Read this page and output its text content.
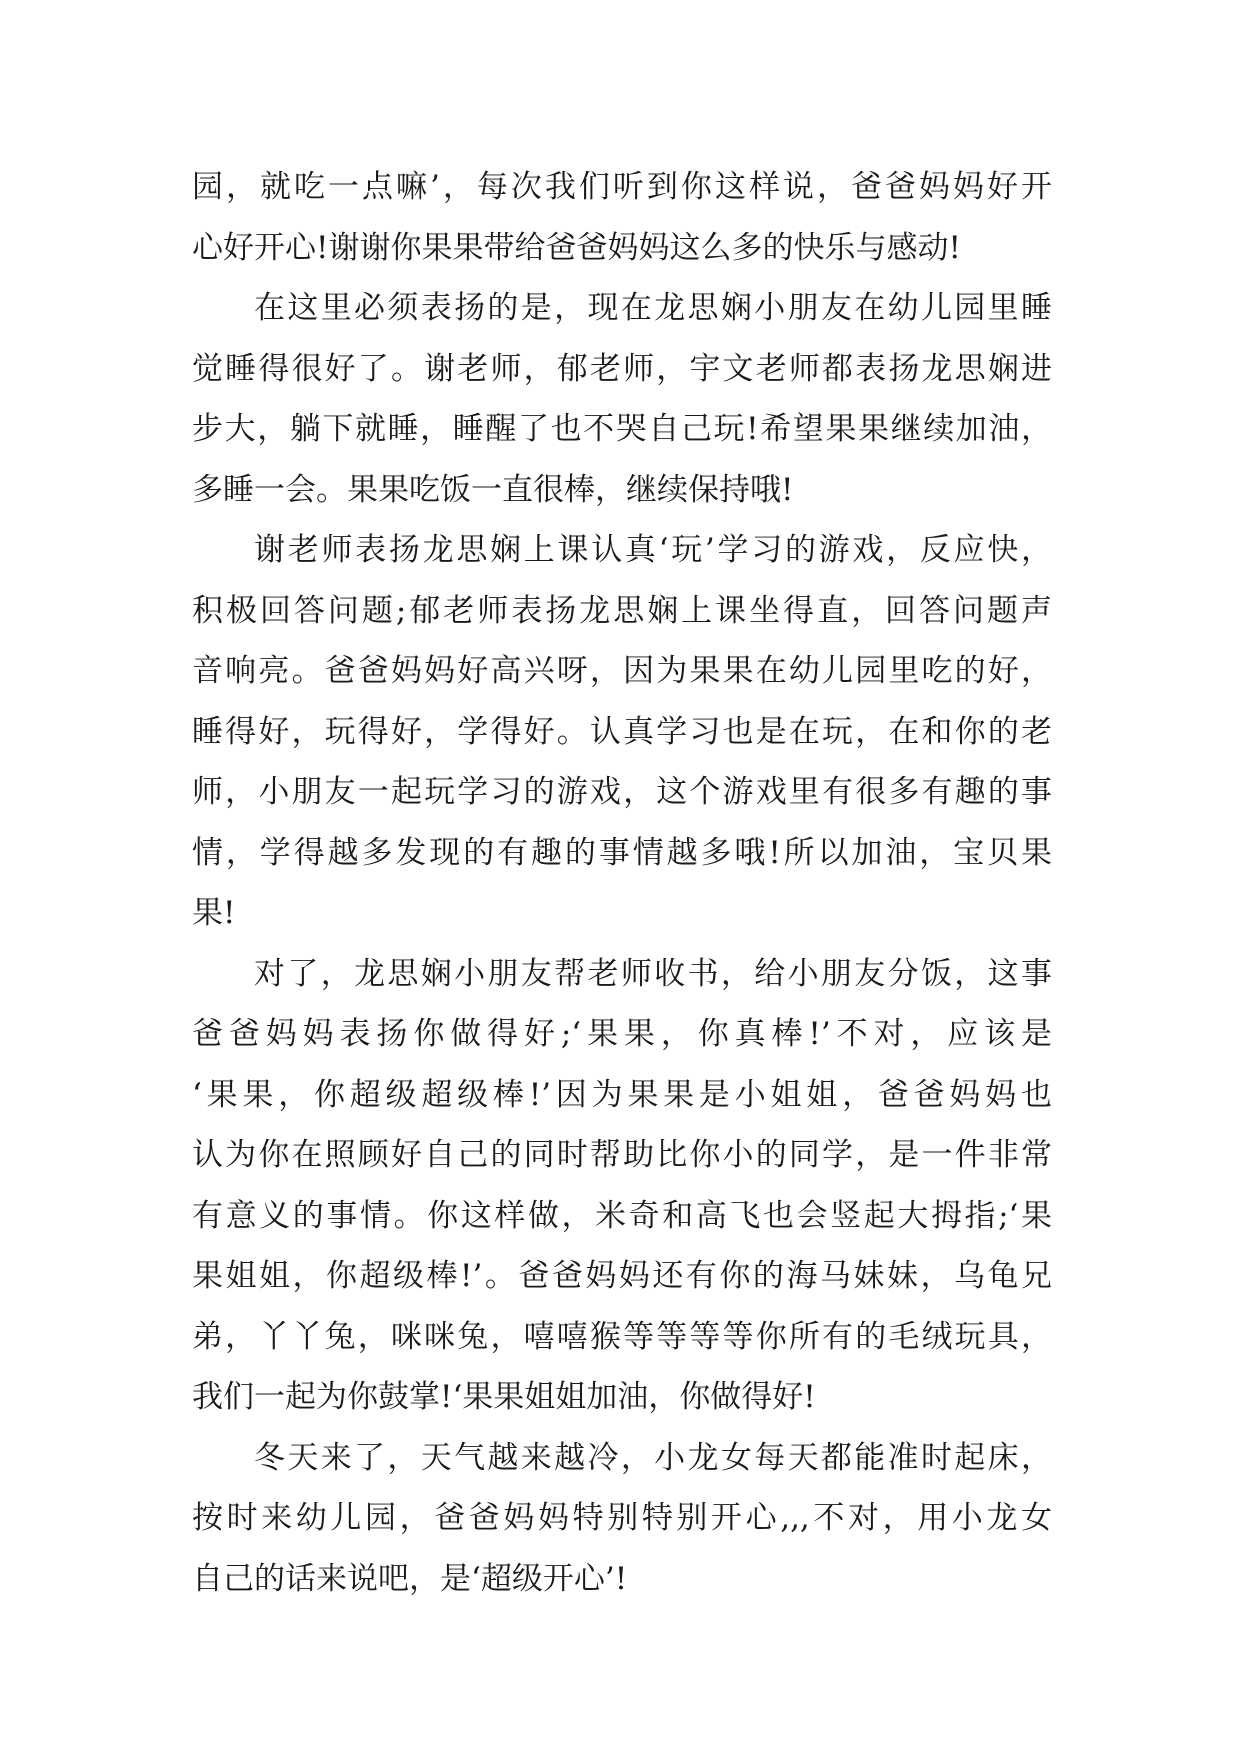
园，就吃一点嘛’，每次我们听到你这样说，爸爸妈妈好开
心好开心!谢谢你果果带给爸爸妈妈这么多的快乐与感动!
在这里必须表扬的是，现在龙思娴小朋友在幼儿园里睡
觉睡得很好了。谢老师，郁老师，宇文老师都表扬龙思娴进
步大，躺下就睡，睡醒了也不哭自己玩!希望果果继续加油，
多睡一会。果果吃饭一直很棒，继续保持哦!
谢老师表扬龙思娴上课认真‘玩’学习的游戏，反应快，
积极回答问题;郁老师表扬龙思娴上课坐得直，回答问题声
音响亮。爸爸妈妈好高兴呀，因为果果在幼儿园里吃的好，
睡得好，玩得好，学得好。认真学习也是在玩，在和你的老
师，小朋友一起玩学习的游戏，这个游戏里有很多有趣的事
情，学得越多发现的有趣的事情越多哦!所以加油，宝贝果
果!
对了，龙思娴小朋友帮老师收书，给小朋友分饭，这事
爸爸妈妈表扬你做得好;‘果果，你真棒!’不对，应该是
‘果果，你超级超级棒!’因为果果是小姐姐，爸爸妈妈也
认为你在照顾好自己的同时帮助比你小的同学，是一件非常
有意义的事情。你这样做，米奇和高飞也会竖起大拇指;‘果
果姐姐，你超级棒!’。爸爸妈妈还有你的海马妹妹，乌龟兄
弟，丫丫兔，咪咪兔，嘻嘻猴等等等等你所有的毛绒玩具，
我们一起为你鼓掌!‘果果姐姐加油，你做得好!
冬天来了，天气越来越冷，小龙女每天都能准时起床，
按时来幼儿园，爸爸妈妈特别特别开心,,,不对，用小龙女
自己的话来说吧，是‘超级开心’!
